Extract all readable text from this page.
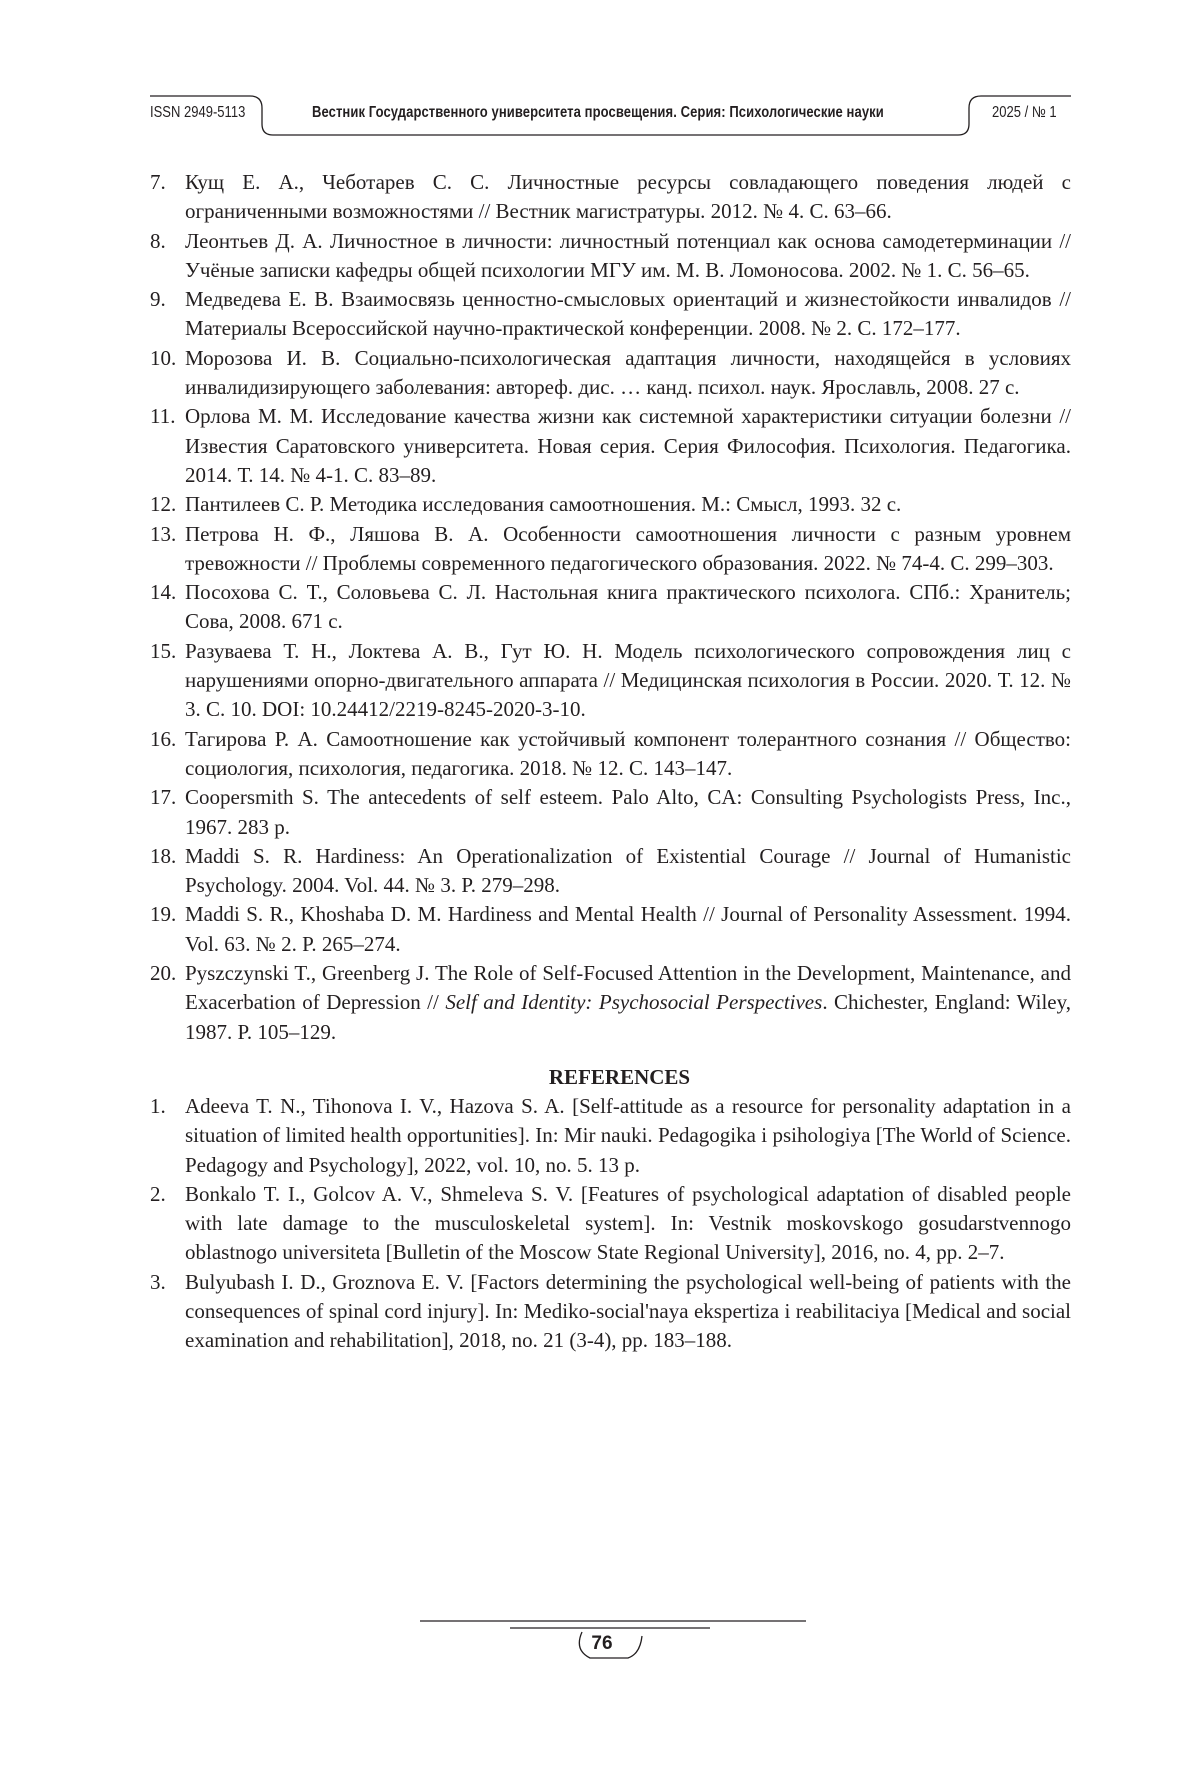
ISSN 2949-5113	Вестник Государственного университета просвещения. Серия: Психологические науки	2025 / № 1
7. Кущ Е. А., Чеботарев С. С. Личностные ресурсы совладающего поведения людей с ограниченными возможностями // Вестник магистратуры. 2012. № 4. С. 63–66.
8. Леонтьев Д. А. Личностное в личности: личностный потенциал как основа самодетерминации // Учёные записки кафедры общей психологии МГУ им. М. В. Ломоносова. 2002. № 1. С. 56–65.
9. Медведева Е. В. Взаимосвязь ценностно-смысловых ориентаций и жизнестойкости инвалидов // Материалы Всероссийской научно-практической конференции. 2008. № 2. С. 172–177.
10. Морозова И. В. Социально-психологическая адаптация личности, находящейся в условиях инвалидизирующего заболевания: автореф. дис. … канд. психол. наук. Ярославль, 2008. 27 с.
11. Орлова М. М. Исследование качества жизни как системной характеристики ситуации болезни // Известия Саратовского университета. Новая серия. Серия Философия. Психология. Педагогика. 2014. Т. 14. № 4-1. С. 83–89.
12. Пантилеев С. Р. Методика исследования самоотношения. М.: Смысл, 1993. 32 с.
13. Петрова Н. Ф., Ляшова В. А. Особенности самоотношения личности с разным уровнем тревожности // Проблемы современного педагогического образования. 2022. № 74-4. С. 299–303.
14. Посохова С. Т., Соловьева С. Л. Настольная книга практического психолога. СПб.: Хранитель; Сова, 2008. 671 с.
15. Разуваева Т. Н., Локтева А. В., Гут Ю. Н. Модель психологического сопровождения лиц с нарушениями опорно-двигательного аппарата // Медицинская психология в России. 2020. Т. 12. № 3. С. 10. DOI: 10.24412/2219-8245-2020-3-10.
16. Тагирова Р. А. Самоотношение как устойчивый компонент толерантного сознания // Общество: социология, психология, педагогика. 2018. № 12. С. 143–147.
17. Coopersmith S. The antecedents of self esteem. Palo Alto, CA: Consulting Psychologists Press, Inc., 1967. 283 p.
18. Maddi S. R. Hardiness: An Operationalization of Existential Courage // Journal of Humanistic Psychology. 2004. Vol. 44. № 3. P. 279–298.
19. Maddi S. R., Khoshaba D. M. Hardiness and Mental Health // Journal of Personality Assessment. 1994. Vol. 63. № 2. P. 265–274.
20. Pyszczynski T., Greenberg J. The Role of Self-Focused Attention in the Development, Maintenance, and Exacerbation of Depression // Self and Identity: Psychosocial Perspectives. Chichester, England: Wiley, 1987. P. 105–129.
REFERENCES
1. Adeeva T. N., Tihonova I. V., Hazova S. A. [Self-attitude as a resource for personality adaptation in a situation of limited health opportunities]. In: Mir nauki. Pedagogika i psihologiya [The World of Science. Pedagogy and Psychology], 2022, vol. 10, no. 5. 13 p.
2. Bonkalo T. I., Golcov A. V., Shmeleva S. V. [Features of psychological adaptation of disabled people with late damage to the musculoskeletal system]. In: Vestnik moskovskogo gosudarstvennogo oblastnogo universiteta [Bulletin of the Moscow State Regional University], 2016, no. 4, pp. 2–7.
3. Bulyubash I. D., Groznova E. V. [Factors determining the psychological well-being of patients with the consequences of spinal cord injury]. In: Mediko-social'naya ekspertiza i reabilitaciya [Medical and social examination and rehabilitation], 2018, no. 21 (3-4), pp. 183–188.
76
